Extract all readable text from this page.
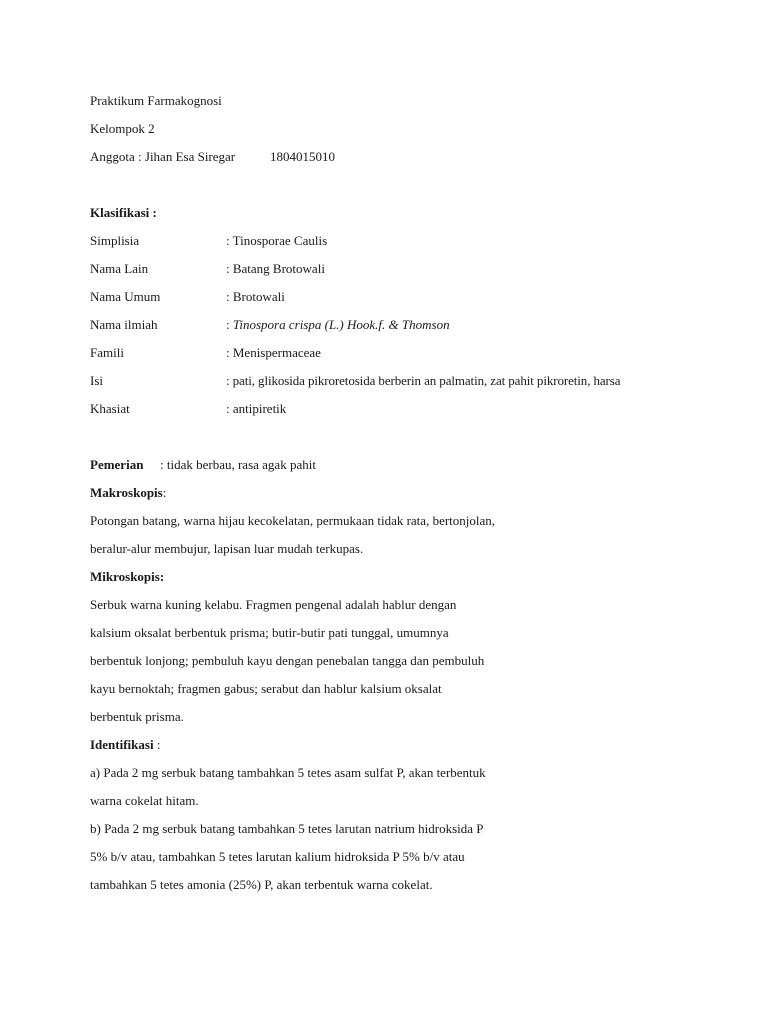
Praktikum Farmakognosi
Kelompok 2
Anggota : Jihan Esa Siregar	1804015010
Klasifikasi :
Simplisia	: Tinosporae Caulis
Nama Lain	: Batang Brotowali
Nama Umum	: Brotowali
Nama ilmiah	: Tinospora crispa (L.) Hook.f. & Thomson
Famili	: Menispermaceae
Isi	: pati, glikosida pikroretosida berberin an palmatin, zat pahit pikroretin, harsa
Khasiat	: antipiretik
Pemerian : tidak berbau, rasa agak pahit
Makroskopis:
Potongan batang, warna hijau kecokelatan, permukaan tidak rata, bertonjolan,
beralur-alur membujur, lapisan luar mudah terkupas.
Mikroskopis:
Serbuk warna kuning kelabu. Fragmen pengenal adalah hablur dengan
kalsium oksalat berbentuk prisma; butir-butir pati tunggal, umumnya
berbentuk lonjong; pembuluh kayu dengan penebalan tangga dan pembuluh
kayu bernoktah; fragmen gabus; serabut dan hablur kalsium oksalat
berbentuk prisma.
Identifikasi :
a) Pada 2 mg serbuk batang tambahkan 5 tetes asam sulfat P, akan terbentuk
warna cokelat hitam.
b) Pada 2 mg serbuk batang tambahkan 5 tetes larutan natrium hidroksida P
5% b/v atau, tambahkan 5 tetes larutan kalium hidroksida P 5% b/v atau
tambahkan 5 tetes amonia (25%) P, akan terbentuk warna cokelat.
